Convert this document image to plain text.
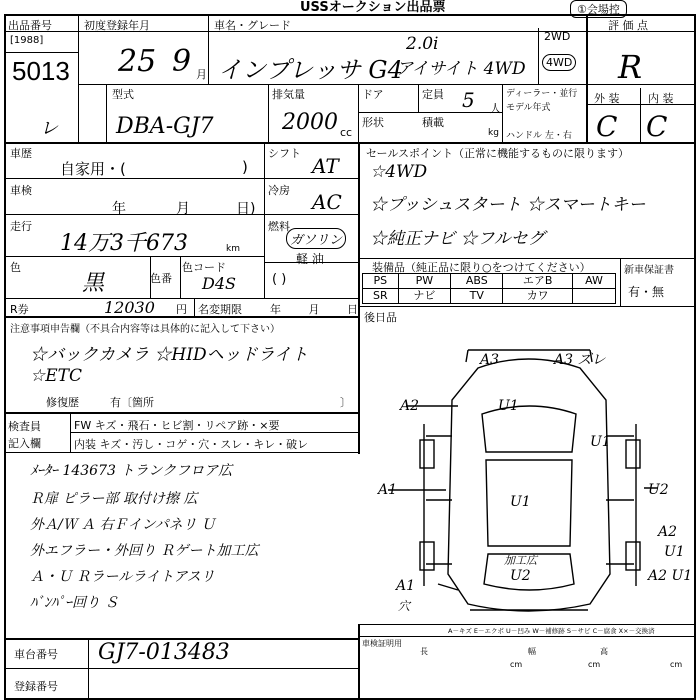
USSオークション出品票	①会場控
出品番号
[1988]
5013
レ
初度登録年月
25 9 月
車名・グレード
インプレッサ G4
2.0i
アイサイト 4WD
2WD
4WD
評 価 点
R
外 装	内 装
C C
型式
DBA-GJ7
排気量
2000 cc
ドア
形状
定員 5 人
積載
kg
ディーラー・並行
モデル年式
ハンドル 左・右
車歴
自家用・(	)
シフト
AT
車検
年	月	日)
冷房 AC
走行
14万3千673	km
燃料
ガソリン
軽 油
( )
色
黒	色番
色コード
D4S
R券	12030 円 名変期限	年 月 日
セールスポイント（正常に機能するものに限ります）
☆4WD
☆プッシュスタート ☆スマートキー
☆純正ナビ ☆フルセグ
装備品（純正品に限り○をつけてください）	新車保証書
有・無
PS	PW	ABS	エアB	AW
SR	ナビ	TV	カワ	
後日品
注意事項申告欄（不具合内容等は具体的に記入して下さい）
☆バックカメラ ☆HIDヘッドライト
☆ETC
修復歴	有〔箇所	〕
検査員
記入欄
FW キズ・飛石・ヒビ割・リペア跡・×要
内装 キズ・汚し・コゲ・穴・スレ・キレ・破レ
ﾒｰﾀｰ 143673 トランクフロア広
Ｒ扉 ピラー部 取付け擦 広
外Ａ/Ｗ Ａ 右Ｆインパネリ Ｕ
外エフラー・外回り Ｒゲート加工広
Ａ・Ｕ Ｒラールライトアスリ
ﾊﾞﾝﾊﾟｰ回り Ｓ
車台番号 GJ7-013483
登録番号
A－キズ E－エクボ U－凹み W－補修跡 S－サビ C－腐食 X×－交換済
車検証明用
長	幅	高
cm	cm	cm
A3	A3 ズレ
U1
A2
U1
A1
U1
U2
A2
U1
U2	A2 U1
加工広
A1
穴
